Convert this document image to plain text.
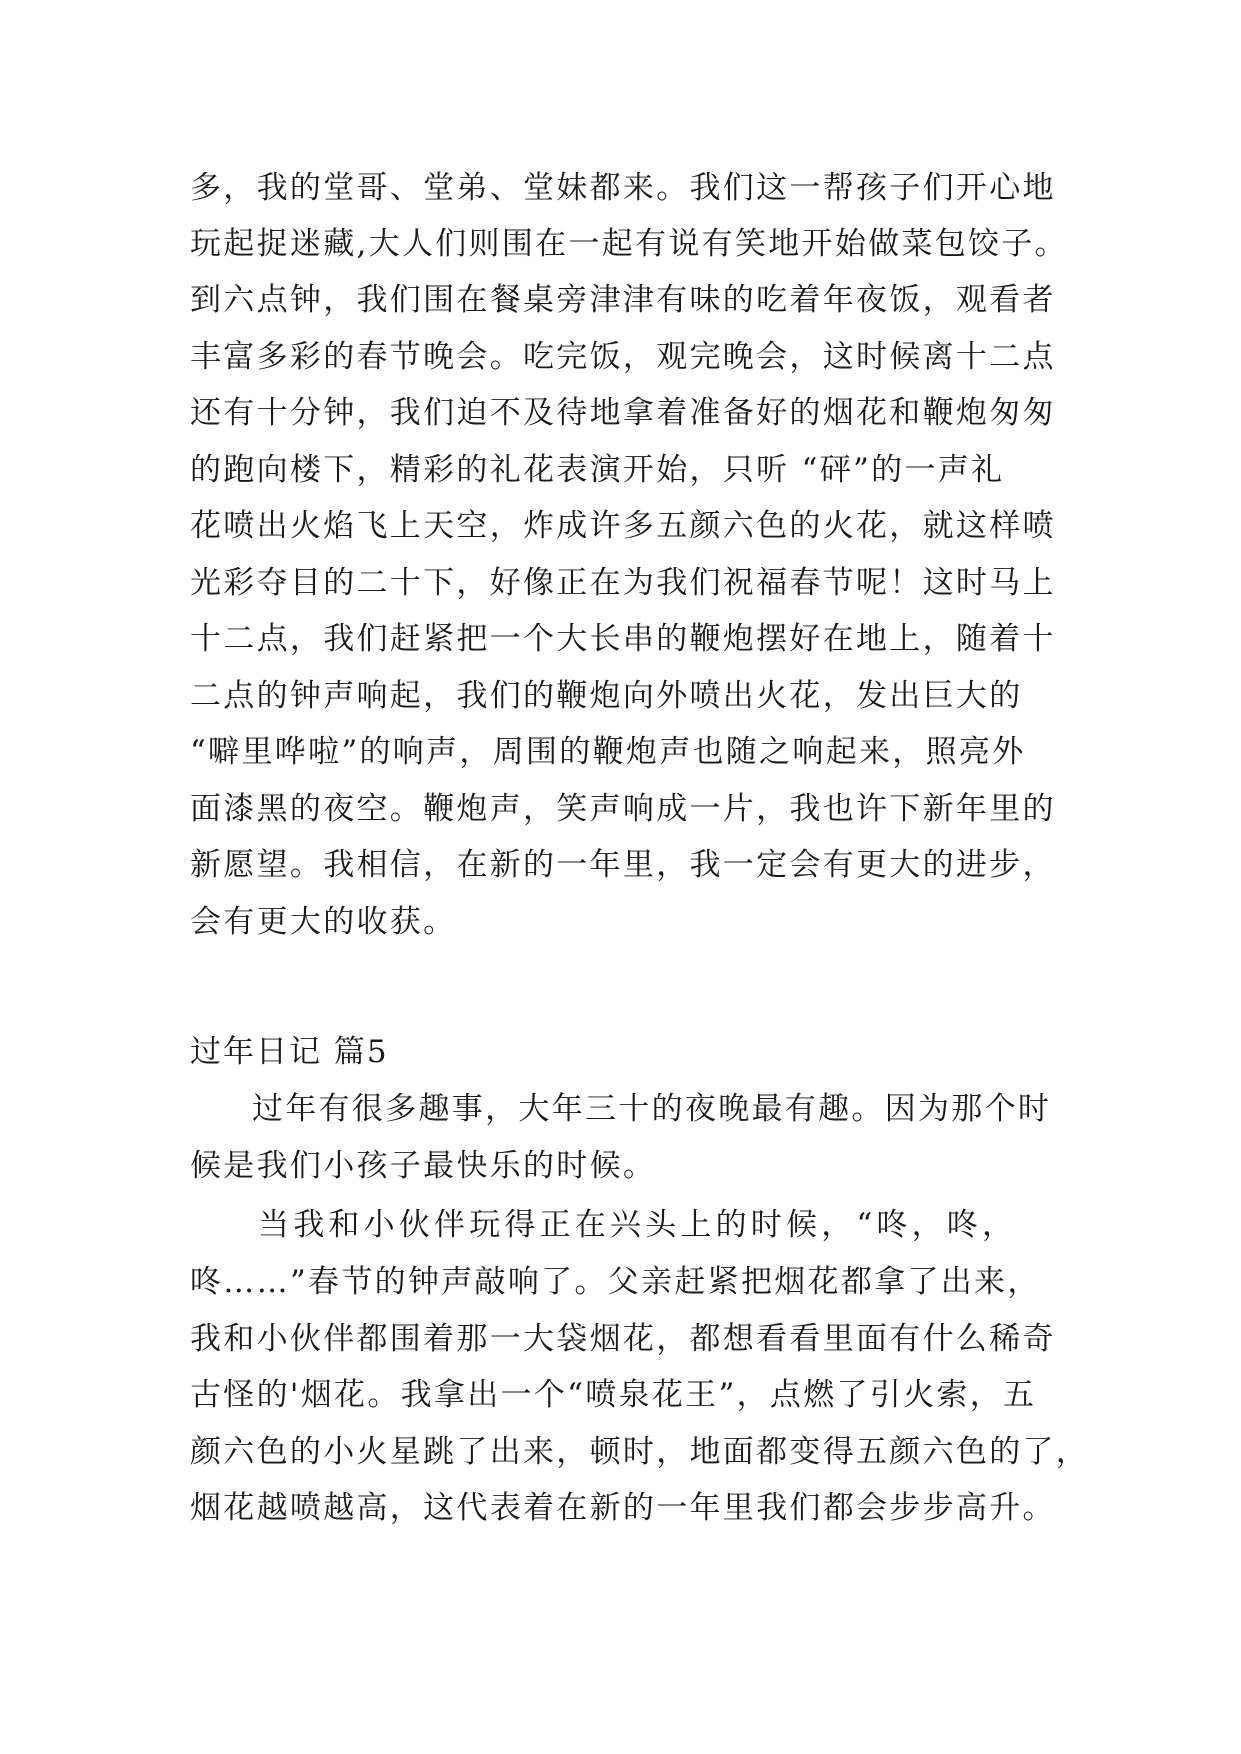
多，我的堂哥、堂弟、堂妹都来。我们这一帮孩子们开心地
玩起捉迷藏,大人们则围在一起有说有笑地开始做菜包饺子。
到六点钟，我们围在餐桌旁津津有味的吃着年夜饭，观看者
丰富多彩的春节晚会。吃完饭，观完晚会，这时候离十二点
还有十分钟，我们迫不及待地拿着准备好的烟花和鞭炮匆匆
的跑向楼下，精彩的礼花表演开始，只听 “砰”的一声礼
花喷出火焰飞上天空，炸成许多五颜六色的火花，就这样喷
光彩夺目的二十下，好像正在为我们祝福春节呢！这时马上
十二点，我们赶紧把一个大长串的鞭炮摆好在地上，随着十
二点的钟声响起，我们的鞭炮向外喷出火花，发出巨大的
“噼里哗啦”的响声，周围的鞭炮声也随之响起来，照亮外
面漆黑的夜空。鞭炮声，笑声响成一片，我也许下新年里的
新愿望。我相信，在新的一年里，我一定会有更大的进步，
会有更大的收获。
过年日记 篇5
过年有很多趣事，大年三十的夜晚最有趣。因为那个时
候是我们小孩子最快乐的时候。
当我和小伙伴玩得正在兴头上的时候，“咚，咚，
咚……”春节的钟声敲响了。父亲赶紧把烟花都拿了出来，
我和小伙伴都围着那一大袋烟花，都想看看里面有什么稀奇
古怪的'烟花。我拿出一个“喷泉花王”，点燃了引火索，五
颜六色的小火星跳了出来，顿时，地面都变得五颜六色的了，
烟花越喷越高，这代表着在新的一年里我们都会步步高升。
